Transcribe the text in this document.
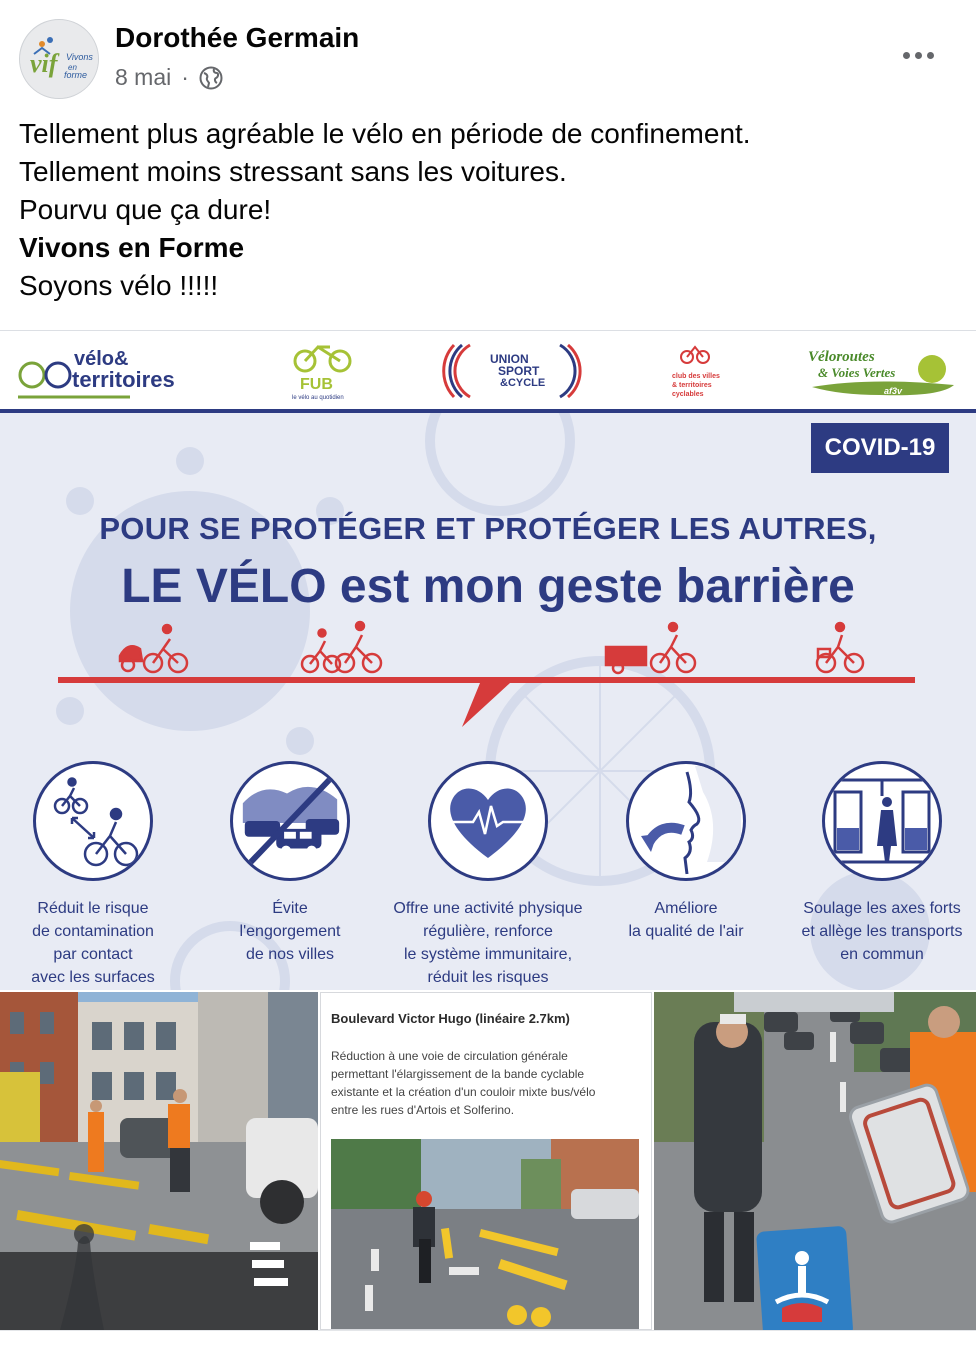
vif Vivons
en
forme
Dorothée Germain
8 mai ·
Tellement plus agréable le vélo en période de confinement.
Tellement moins stressant sans les voitures.
Pourvu que ça dure!
Vivons en Forme
Soyons vélo !!!!!
vélo&
territoires	FUB
le vélo au quotidien
UNION
SPORT
&CYCLE
club des villes
& territoires
cyclables
Véloroutes
& Voies Vertes
af3v
COVID-19
POUR SE PROTÉGER ET PROTÉGER LES AUTRES,
LE VÉLO est mon geste barrière
Réduit le risque
de contamination
par contact
avec les surfaces
Évite
l'engorgement
de nos villes
Offre une activité physique
régulière, renforce
le système immunitaire,
réduit les risques
Améliore
la qualité de l'air
Soulage les axes forts
et allège les transports
en commun
Boulevard Victor Hugo (linéaire 2.7km)
Réduction à une voie de circulation générale
permettant l'élargissement de la bande cyclable
existante et la création d'un couloir mixte bus/vélo
entre les rues d'Artois et Solferino.
